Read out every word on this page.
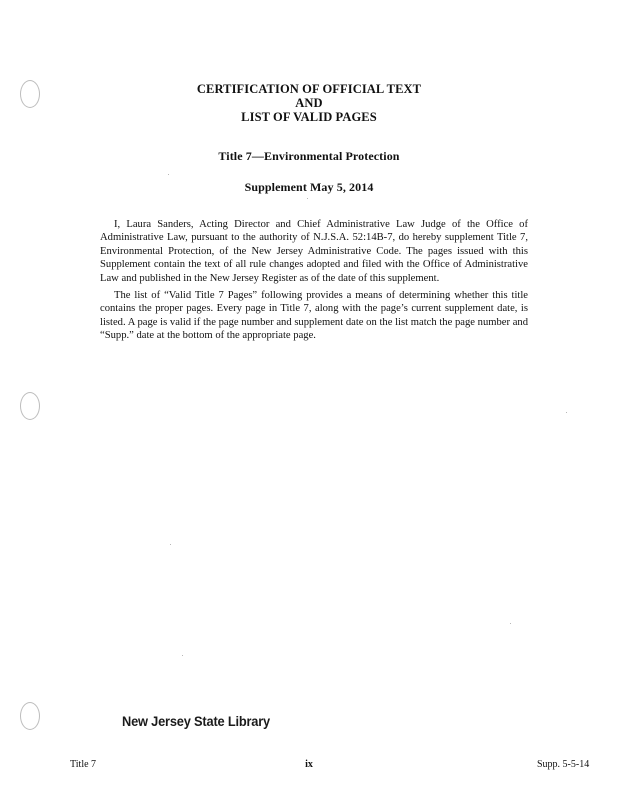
CERTIFICATION OF OFFICIAL TEXT
AND
LIST OF VALID PAGES
Title 7—Environmental Protection
Supplement May 5, 2014
I, Laura Sanders, Acting Director and Chief Administrative Law Judge of the Office of Administrative Law, pursuant to the authority of N.J.S.A. 52:14B-7, do hereby supplement Title 7, Environmental Protection, of the New Jersey Administrative Code. The pages issued with this Supplement contain the text of all rule changes adopted and filed with the Office of Administrative Law and published in the New Jersey Register as of the date of this supplement.
The list of “Valid Title 7 Pages” following provides a means of determining whether this title contains the proper pages. Every page in Title 7, along with the page’s current supplement date, is listed. A page is valid if the page number and supplement date on the list match the page number and “Supp.” date at the bottom of the appropriate page.
New Jersey State Library
Title 7	ix	Supp. 5-5-14
